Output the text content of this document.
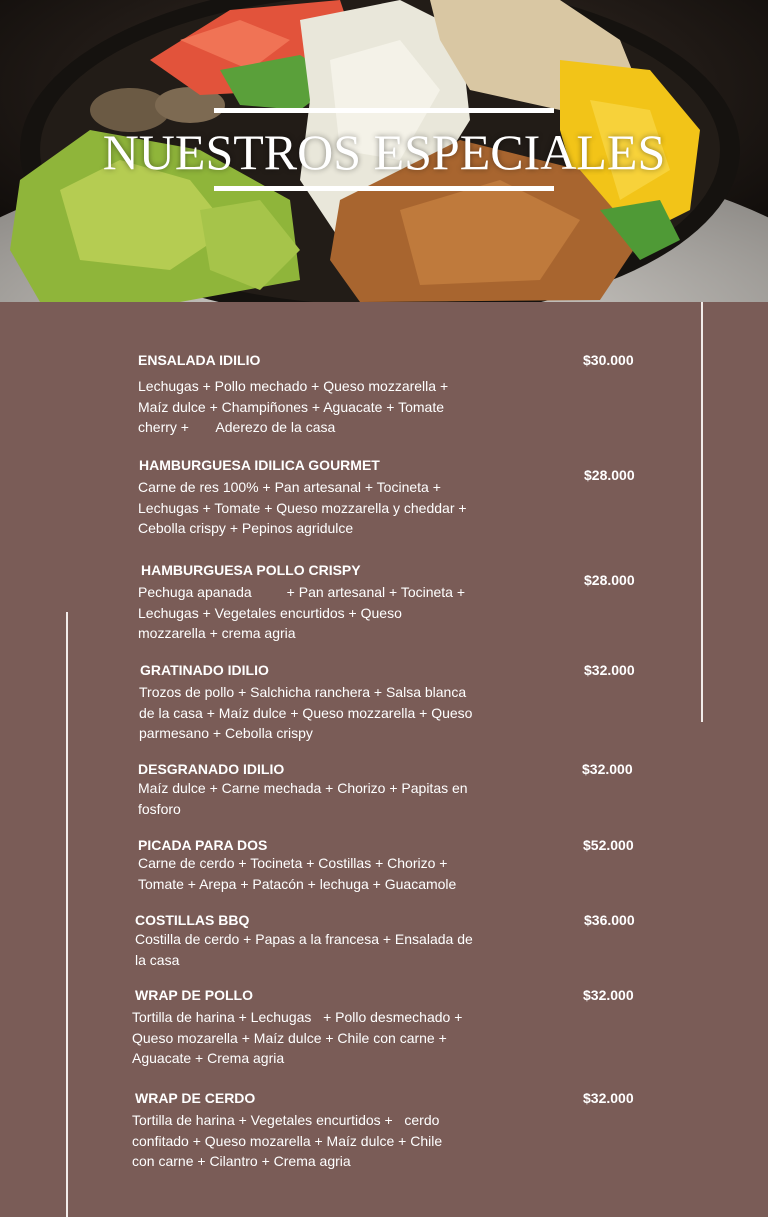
NUESTROS ESPECIALES
ENSALADA IDILIO	$30.000
Lechugas + Pollo mechado + Queso mozzarella +
Maíz dulce + Champiñones + Aguacate + Tomate
cherry +       Aderezo de la casa
HAMBURGUESA IDILICA GOURMET
$28.000
Carne de res 100% + Pan artesanal + Tocineta +
Lechugas + Tomate + Queso mozzarella y cheddar +
Cebolla crispy + Pepinos agridulce
HAMBURGUESA POLLO CRISPY
$28.000
Pechuga apanada         + Pan artesanal + Tocineta +
Lechugas + Vegetales encurtidos + Queso
mozzarella + crema agria
GRATINADO IDILIO	$32.000
Trozos de pollo + Salchicha ranchera + Salsa blanca
de la casa + Maíz dulce + Queso mozzarella + Queso
parmesano + Cebolla crispy
DESGRANADO IDILIO	$32.000
Maíz dulce + Carne mechada + Chorizo + Papitas en
fosforo
PICADA PARA DOS	$52.000
Carne de cerdo + Tocineta + Costillas + Chorizo +
Tomate + Arepa + Patacón + lechuga + Guacamole
COSTILLAS BBQ	$36.000
Costilla de cerdo + Papas a la francesa + Ensalada de
la casa
WRAP DE POLLO	$32.000
Tortilla de harina + Lechugas   + Pollo desmechado +
Queso mozarella + Maíz dulce + Chile con carne +
Aguacate + Crema agria
WRAP DE CERDO	$32.000
Tortilla de harina + Vegetales encurtidos +   cerdo
confitado + Queso mozarella + Maíz dulce + Chile
con carne + Cilantro + Crema agria
